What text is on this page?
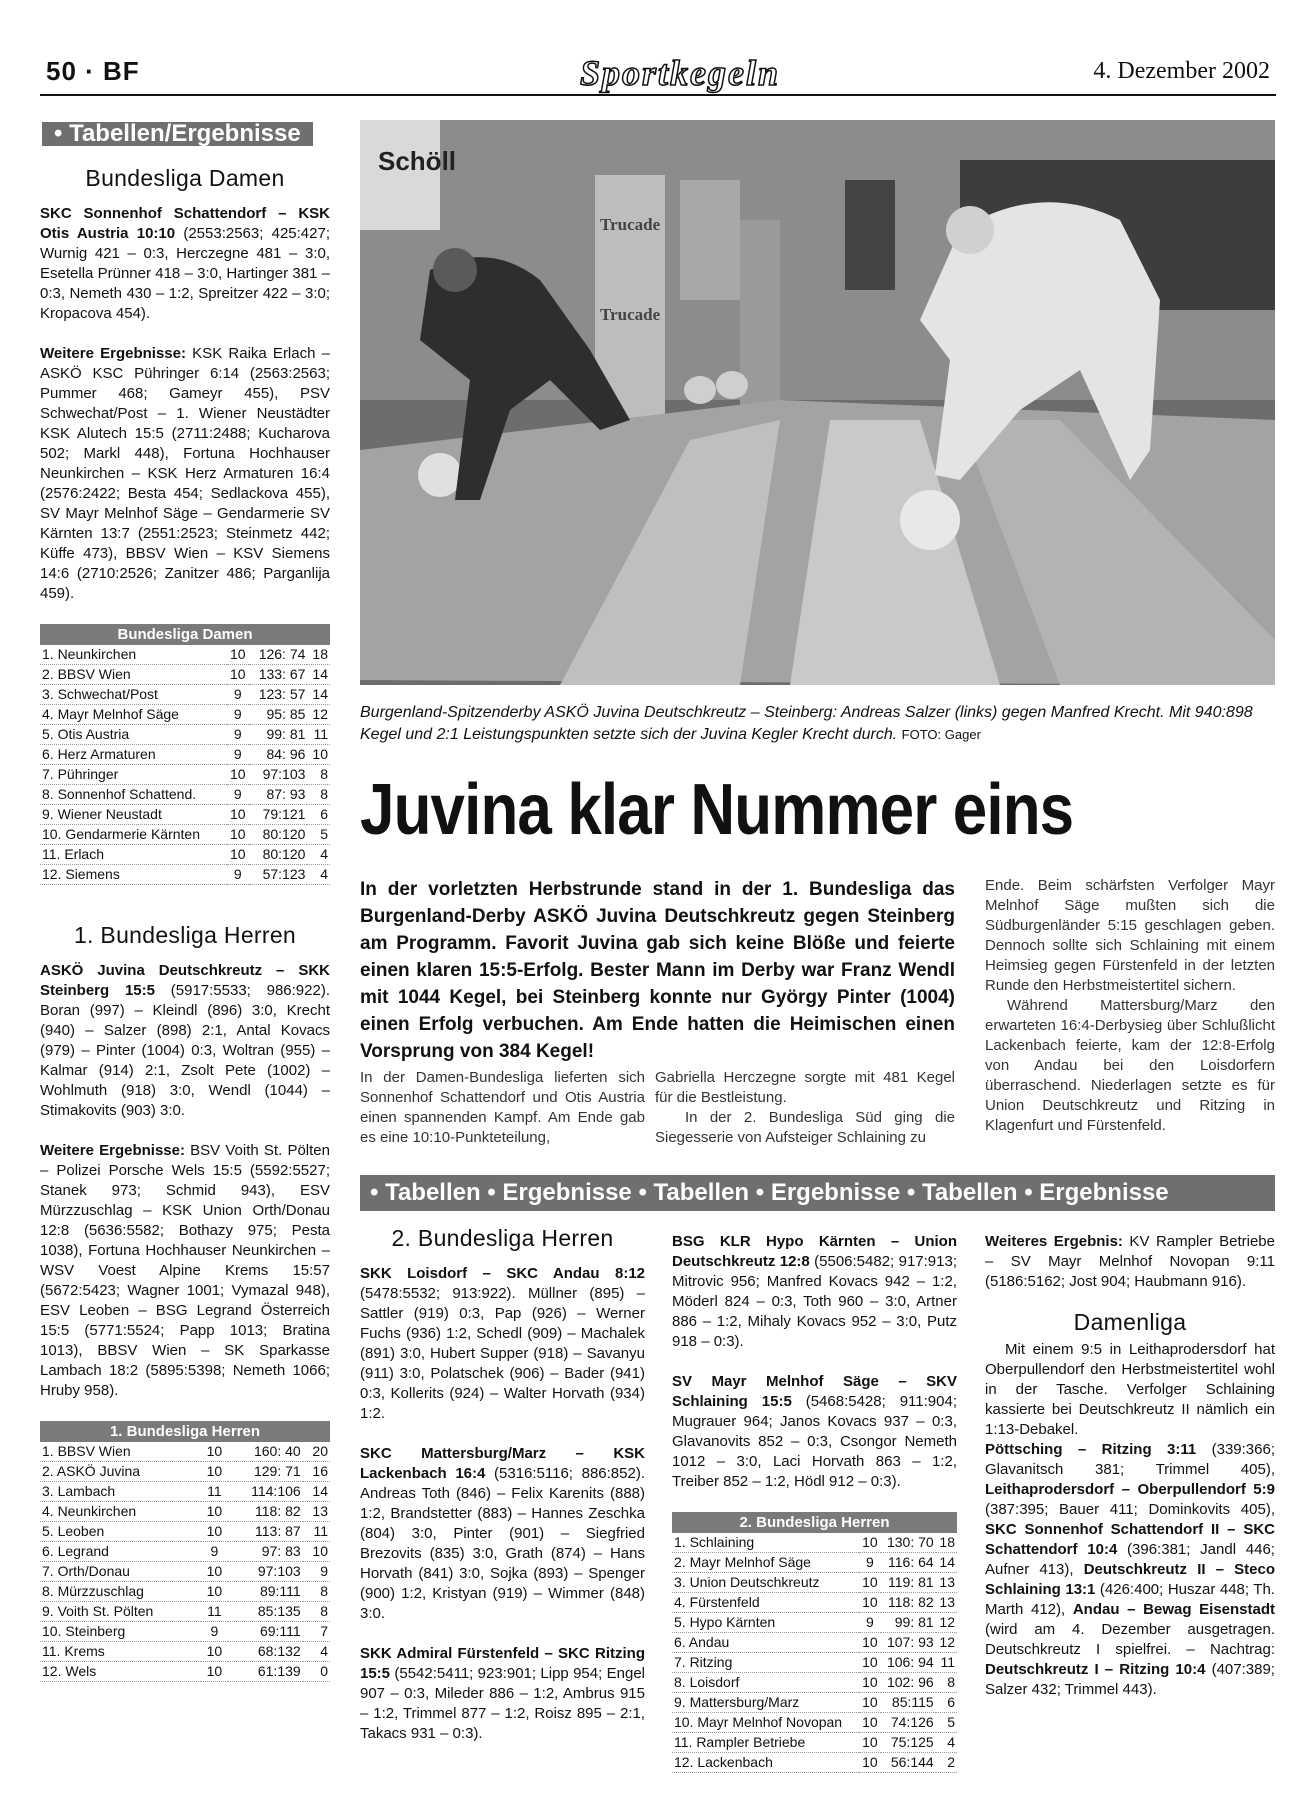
50 · BF	Sportkegeln	4. Dezember 2002
• Tabellen/Ergebnisse
Bundesliga Damen

SKC Sonnenhof Schattendorf – KSK Otis Austria 10:10 (2553:2563; 425:427; Wurnig 421 – 0:3, Herczegne 481 – 3:0, Esetella Prünner 418 – 3:0, Hartinger 381 – 0:3, Nemeth 430 – 1:2, Spreitzer 422 – 3:0; Kropacova 454).

Weitere Ergebnisse: KSK Raika Erlach – ASKÖ KSC Pühringer 6:14 (2563:2563; Pummer 468; Gameyr 455), PSV Schwechat/Post – 1. Wiener Neustädter KSK Alutech 15:5 (2711:2488; Kucharova 502; Markl 448), Fortuna Hochhauser Neunkirchen – KSK Herz Armaturen 16:4 (2576:2422; Besta 454; Sedlackova 455), SV Mayr Melnhof Säge – Gendarmerie SV Kärnten 13:7 (2551:2523; Steinmetz 442; Küffe 473), BBSV Wien – KSV Siemens 14:6 (2710:2526; Zanitzer 486; Parganlija 459).

Bundesliga Damen
1. Neunkirchen	10	126: 74	18
2. BBSV Wien	10	133: 67	14
3. Schwechat/Post	9	123: 57	14
4. Mayr Melnhof Säge	9	95: 85	12
5. Otis Austria	9	99: 81	11
6. Herz Armaturen	9	84: 96	10
7. Pühringer	10	97:103	8
8. Sonnenhof Schattend.	9	87: 93	8
9. Wiener Neustadt	10	79:121	6
10. Gendarmerie Kärnten	10	80:120	5
11. Erlach	10	80:120	4
12. Siemens	9	57:123	4
1. Bundesliga Herren

ASKÖ Juvina Deutschkreutz – SKK Steinberg 15:5 (5917:5533; 986:922). Boran (997) – Kleindl (896) 3:0, Krecht (940) – Salzer (898) 2:1, Antal Kovacs (979) – Pinter (1004) 0:3, Woltran (955) – Kalmar (914) 2:1, Zsolt Pete (1002) – Wohlmuth (918) 3:0, Wendl (1044) – Stimakovits (903) 3:0.

Weitere Ergebnisse: BSV Voith St. Pölten – Polizei Porsche Wels 15:5 (5592:5527; Stanek 973; Schmid 943), ESV Mürzzuschlag – KSK Union Orth/Donau 12:8 (5636:5582; Bothazy 975; Pesta 1038), Fortuna Hochhauser Neunkirchen – WSV Voest Alpine Krems 15:57 (5672:5423; Wagner 1001; Vymazal 948), ESV Leoben – BSG Legrand Österreich 15:5 (5771:5524; Papp 1013; Bratina 1013), BBSV Wien – SK Sparkasse Lambach 18:2 (5895:5398; Nemeth 1066; Hruby 958).

1. Bundesliga Herren
1. BBSV Wien	10	160: 40	20
2. ASKÖ Juvina	10	129: 71	16
3. Lambach	11	114:106	14
4. Neunkirchen	10	118: 82	13
5. Leoben	10	113: 87	11
6. Legrand	9	97: 83	10
7. Orth/Donau	10	97:103	9
8. Mürzzuschlag	10	89:111	8
9. Voith St. Pölten	11	85:135	8
10. Steinberg	9	69:111	7
11. Krems	10	68:132	4
12. Wels	10	61:139	0
Schöll
Trucade
Trucade
Burgenland-Spitzenderby ASKÖ Juvina Deutschkreutz – Steinberg: Andreas Salzer (links) gegen Manfred Krecht. Mit 940:898 Kegel und 2:1 Leistungspunkten setzte sich der Juvina Kegler Krecht durch. FOTO: Gager
Juvina klar Nummer eins
In der vorletzten Herbstrunde stand in der 1. Bundesliga das Burgenland-Derby ASKÖ Juvina Deutschkreutz gegen Steinberg am Programm. Favorit Juvina gab sich keine Blöße und feierte einen klaren 15:5-Erfolg. Bester Mann im Derby war Franz Wendl mit 1044 Kegel, bei Steinberg konnte nur György Pinter (1004) einen Erfolg verbuchen. Am Ende hatten die Heimischen einen Vorsprung von 384 Kegel!

In der Damen-Bundesliga lieferten sich Sonnenhof Schattendorf und Otis Austria einen spannenden Kampf. Am Ende gab es eine 10:10-Punkteteilung,

Gabriella Herczegne sorgte mit 481 Kegel für die Bestleistung.

In der 2. Bundesliga Süd ging die Siegesserie von Aufsteiger Schlaining zu

Ende. Beim schärfsten Verfolger Mayr Melnhof Säge mußten sich die Südburgenländer 5:15 geschlagen geben. Dennoch sollte sich Schlaining mit einem Heimsieg gegen Fürstenfeld in der letzten Runde den Herbstmeistertitel sichern.

Während Mattersburg/Marz den erwarteten 16:4-Derbysieg über Schlußlicht Lackenbach feierte, kam der 12:8-Erfolg von Andau bei den Loisdorfern überraschend. Niederlagen setzte es für Union Deutschkreutz und Ritzing in Klagenfurt und Fürstenfeld.

• Tabellen • Ergebnisse • Tabellen • Ergebnisse • Tabellen • Ergebnisse
2. Bundesliga Herren

SKK Loisdorf – SKC Andau 8:12 (5478:5532; 913:922). Müllner (895) – Sattler (919) 0:3, Pap (926) – Werner Fuchs (936) 1:2, Schedl (909) – Machalek (891) 3:0, Hubert Supper (918) – Savanyu (911) 3:0, Polatschek (906) – Bader (941) 0:3, Kollerits (924) – Walter Horvath (934) 1:2.

SKC Mattersburg/Marz – KSK Lackenbach 16:4 (5316:5116; 886:852). Andreas Toth (846) – Felix Karenits (888) 1:2, Brandstetter (883) – Hannes Zeschka (804) 3:0, Pinter (901) – Siegfried Brezovits (835) 3:0, Grath (874) – Hans Horvath (841) 3:0, Sojka (893) – Spenger (900) 1:2, Kristyan (919) – Wimmer (848) 3:0.

SKK Admiral Fürstenfeld – SKC Ritzing 15:5 (5542:5411; 923:901; Lipp 954; Engel 907 – 0:3, Mileder 886 – 1:2, Ambrus 915 – 1:2, Trimmel 877 – 1:2, Roisz 895 – 2:1, Takacs 931 – 0:3).

BSG KLR Hypo Kärnten – Union Deutschkreutz 12:8 (5506:5482; 917:913; Mitrovic 956; Manfred Kovacs 942 – 1:2, Möderl 824 – 0:3, Toth 960 – 3:0, Artner 886 – 1:2, Mihaly Kovacs 952 – 3:0, Putz 918 – 0:3).

SV Mayr Melnhof Säge – SKV Schlaining 15:5 (5468:5428; 911:904; Mugrauer 964; Janos Kovacs 937 – 0:3, Glavanovits 852 – 0:3, Csongor Nemeth 1012 – 3:0, Laci Horvath 863 – 1:2, Treiber 852 – 1:2, Hödl 912 – 0:3).

2. Bundesliga Herren
1. Schlaining	10	130: 70	18
2. Mayr Melnhof Säge	9	116: 64	14
3. Union Deutschkreutz	10	119: 81	13
4. Fürstenfeld	10	118: 82	13
5. Hypo Kärnten	9	99: 81	12
6. Andau	10	107: 93	12
7. Ritzing	10	106: 94	11
8. Loisdorf	10	102: 96	8
9. Mattersburg/Marz	10	85:115	6
10. Mayr Melnhof Novopan	10	74:126	5
11. Rampler Betriebe	10	75:125	4
12. Lackenbach	10	56:144	2

Weiteres Ergebnis: KV Rampler Betriebe – SV Mayr Melnhof Novopan 9:11 (5186:5162; Jost 904; Haubmann 916).

Damenliga

Mit einem 9:5 in Leithaprodersdorf hat Oberpullendorf den Herbstmeistertitel wohl in der Tasche. Verfolger Schlaining kassierte bei Deutschkreutz II nämlich ein 1:13-Debakel.

Pöttsching – Ritzing 3:11 (339:366; Glavanitsch 381; Trimmel 405), Leithaprodersdorf – Oberpullendorf 5:9 (387:395; Bauer 411; Dominkovits 405), SKC Sonnenhof Schattendorf II – SKC Schattendorf 10:4 (396:381; Jandl 446; Aufner 413), Deutschkreutz II – Steco Schlaining 13:1 (426:400; Huszar 448; Th. Marth 412), Andau – Bewag Eisenstadt (wird am 4. Dezember ausgetragen. Deutschkreutz I spielfrei. – Nachtrag: Deutschkreutz I – Ritzing 10:4 (407:389; Salzer 432; Trimmel 443).
